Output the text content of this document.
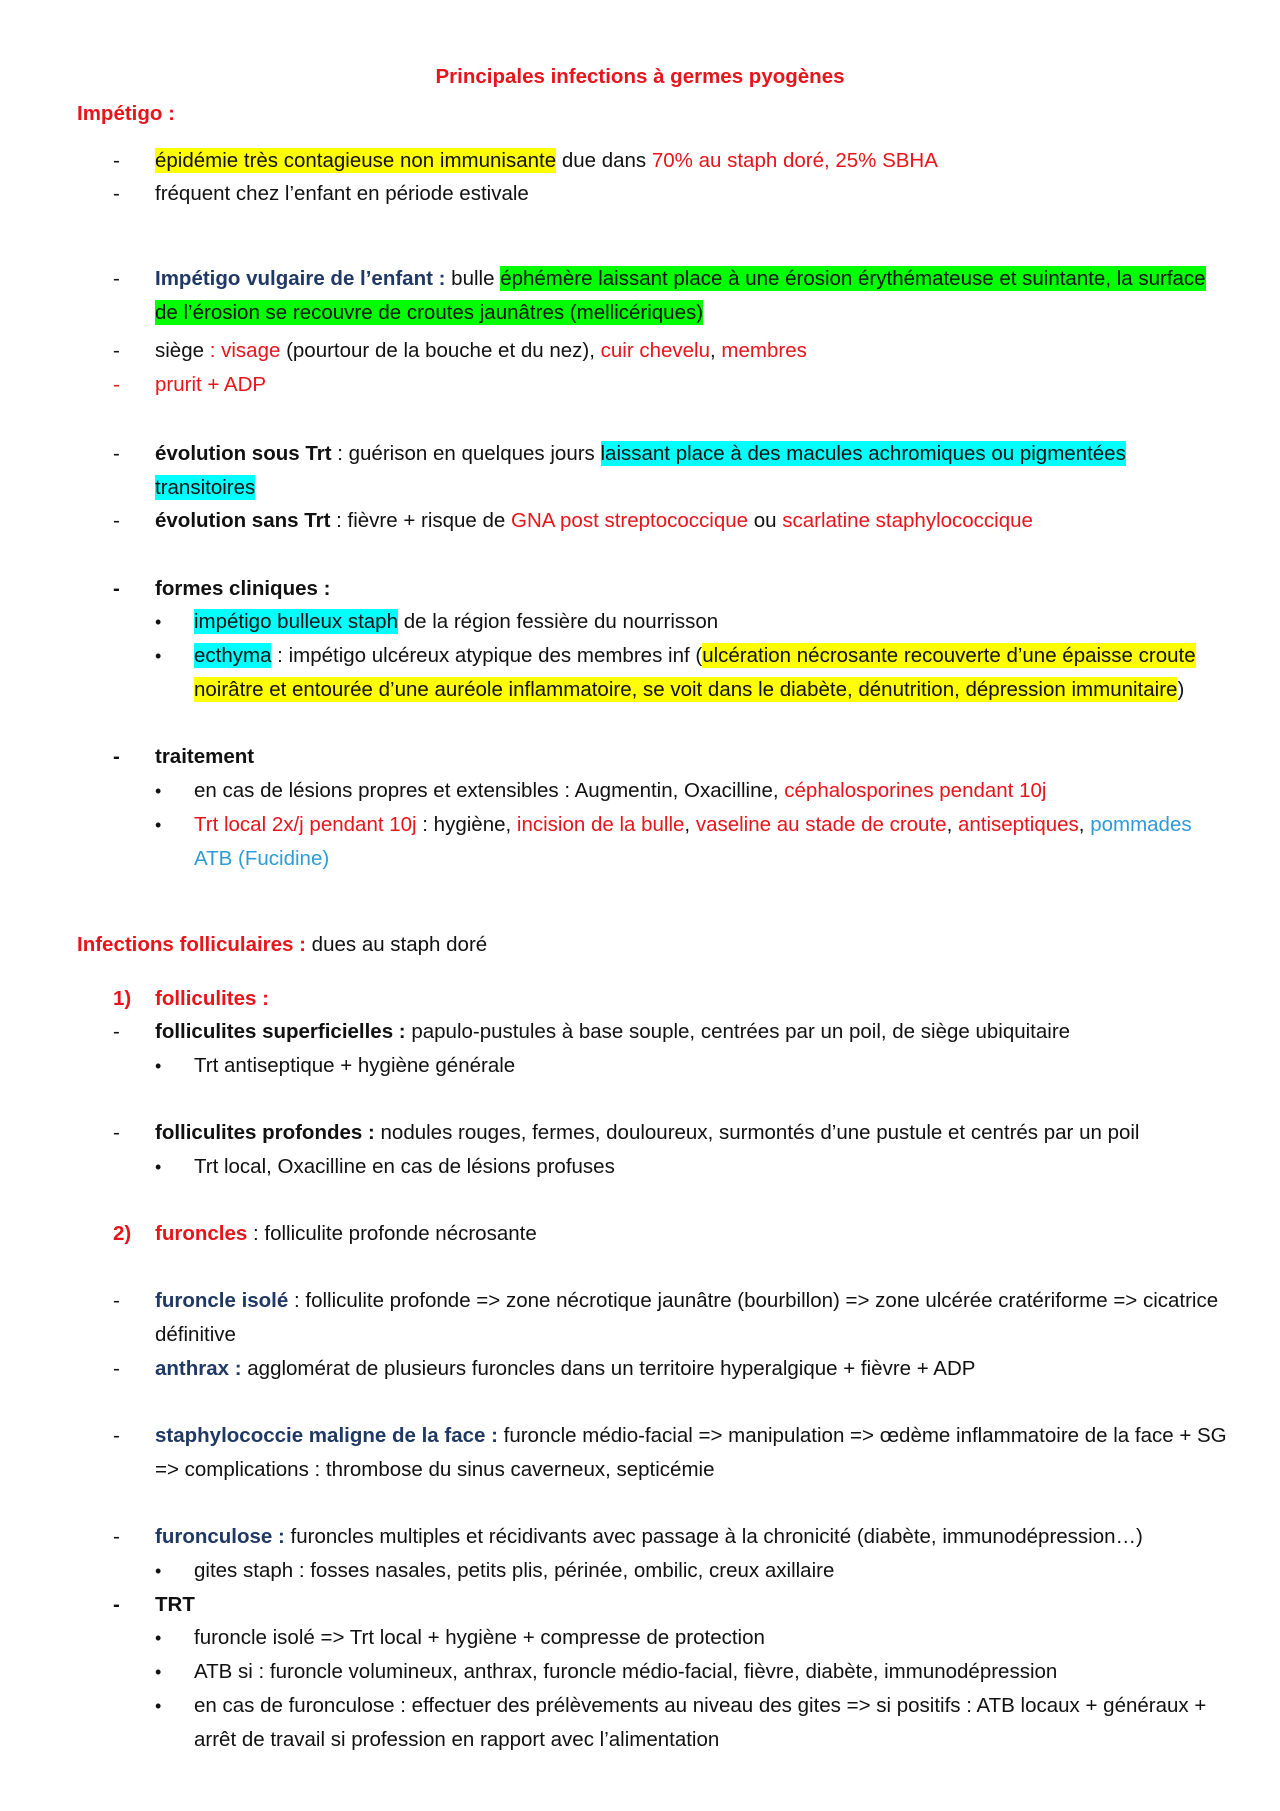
Principales infections à germes pyogènes
Impétigo :
-	épidémie très contagieuse non immunisante due dans 70% au staph doré, 25% SBHA
-	fréquent chez l’enfant en période estivale
-	Impétigo vulgaire de l’enfant : bulle éphémère laissant place à une érosion érythémateuse et suintante, la surface de l’érosion se recouvre de croutes jaunâtres (mellicériques)
-	siège : visage (pourtour de la bouche et du nez), cuir chevelu, membres
-	prurit + ADP
-	évolution sous Trt : guérison en quelques jours laissant place à des macules achromiques ou pigmentées transitoires
-	évolution sans Trt : fièvre + risque de GNA post streptococcique ou scarlatine staphylococcique
-	formes cliniques :
•	impétigo bulleux staph de la région fessière du nourrisson
•	ecthyma : impétigo ulcéreux atypique des membres inf (ulcération nécrosante recouverte d’une épaisse croute noirâtre et entourée d’une auréole inflammatoire, se voit dans le diabète, dénutrition, dépression immunitaire)
-	traitement
•	en cas de lésions propres et extensibles : Augmentin, Oxacilline, céphalosporines pendant 10j
•	Trt local 2x/j pendant 10j : hygiène, incision de la bulle, vaseline au stade de croute, antiseptiques, pommades ATB (Fucidine)
Infections folliculaires : dues au staph doré
1) folliculites :
-	folliculites superficielles : papulo-pustules à base souple, centrées par un poil, de siège ubiquitaire
•	Trt antiseptique + hygiène générale
-	folliculites profondes : nodules rouges, fermes, douloureux, surmontés d’une pustule et centrés par un poil
•	Trt local, Oxacilline en cas de lésions profuses
2) furoncles : folliculite profonde nécrosante
-	furoncle isolé : folliculite profonde => zone nécrotique jaunâtre (bourbillon) => zone ulcérée cratériforme => cicatrice définitive
-	anthrax : agglomérat de plusieurs furoncles dans un territoire hyperalgique + fièvre + ADP
-	staphylococcie maligne de la face : furoncle médio-facial => manipulation => œdème inflammatoire de la face + SG => complications : thrombose du sinus caverneux, septicémie
-	furonculose : furoncles multiples et récidivants avec passage à la chronicité (diabète, immunodépression…)
•	gites staph : fosses nasales, petits plis, périnée, ombilic, creux axillaire
-	TRT
•	furoncle isolé => Trt local + hygiène + compresse de protection
•	ATB si : furoncle volumineux, anthrax, furoncle médio-facial, fièvre, diabète, immunodépression
•	en cas de furonculose : effectuer des prélèvements au niveau des gites => si positifs : ATB locaux + généraux + arrêt de travail si profession en rapport avec l’alimentation
